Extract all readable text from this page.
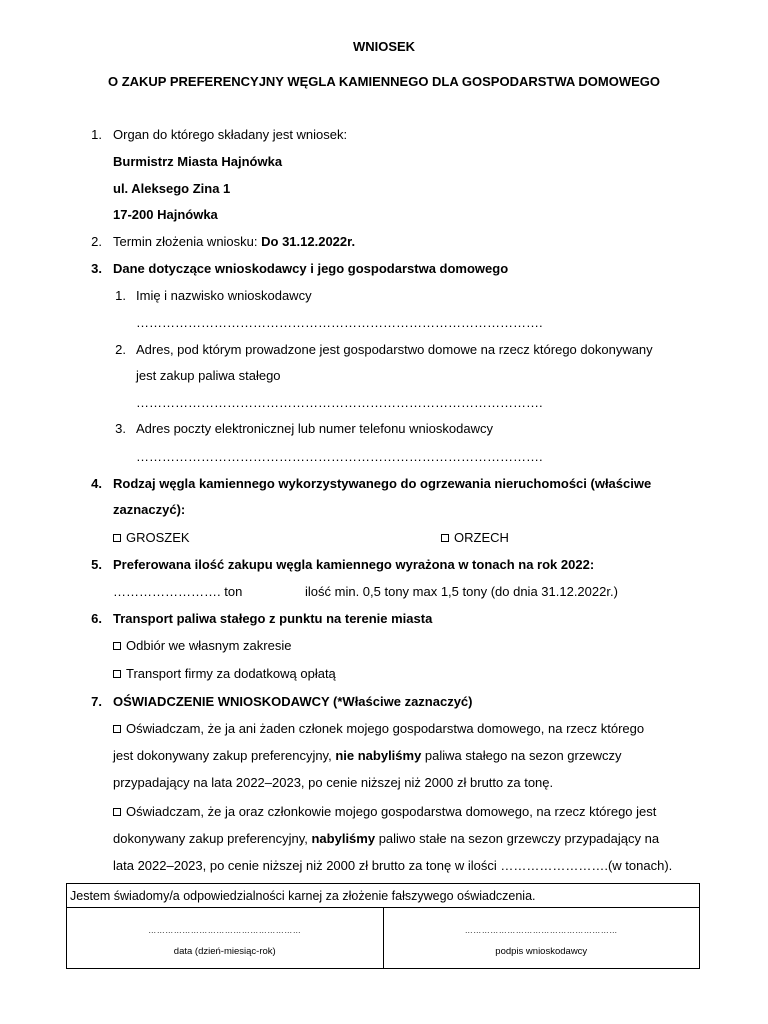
WNIOSEK
O ZAKUP PREFERENCYJNY WĘGLA KAMIENNEGO DLA GOSPODARSTWA DOMOWEGO
1. Organ do którego składany jest wniosek:
Burmistrz Miasta Hajnówka
ul. Aleksego Zina 1
17-200 Hajnówka
2. Termin złożenia wniosku: Do 31.12.2022r.
3. Dane dotyczące wnioskodawcy i jego gospodarstwa domowego
1. Imię i nazwisko wnioskodawcy
………………………………………………………………………………….
2. Adres, pod którym prowadzone jest gospodarstwo domowe na rzecz którego dokonywany
jest zakup paliwa stałego
………………………………………………………………………………….
3. Adres poczty elektronicznej lub numer telefonu wnioskodawcy
………………………………………………………………………………….
4. Rodzaj węgla kamiennego wykorzystywanego do ogrzewania nieruchomości (właściwe
zaznaczyć):
GROSZEK	ORZECH
5. Preferowana ilość zakupu węgla kamiennego wyrażona w tonach na rok 2022:
……………………. ton	ilość min. 0,5 tony max 1,5 tony (do dnia 31.12.2022r.)
6. Transport paliwa stałego z punktu na terenie miasta
Odbiór we własnym zakresie
Transport firmy za dodatkową opłatą
7. OŚWIADCZENIE WNIOSKODAWCY (*Właściwe zaznaczyć)
Oświadczam, że ja ani żaden członek mojego gospodarstwa domowego, na rzecz którego
jest dokonywany zakup preferencyjny, nie nabyliśmy paliwa stałego na sezon grzewczy
przypadający na lata 2022–2023, po cenie niższej niż 2000 zł brutto za tonę.
Oświadczam, że ja oraz członkowie mojego gospodarstwa domowego, na rzecz którego jest
dokonywany zakup preferencyjny, nabyliśmy paliwo stałe na sezon grzewczy przypadający na
lata 2022–2023, po cenie niższej niż 2000 zł brutto za tonę w ilości …………………….(w tonach).
Jestem świadomy/a odpowiedzialności karnej za złożenie fałszywego oświadczenia.

………………………………………………
data (dzień-miesiąc-rok)

………………………………………………
podpis wnioskodawcy
